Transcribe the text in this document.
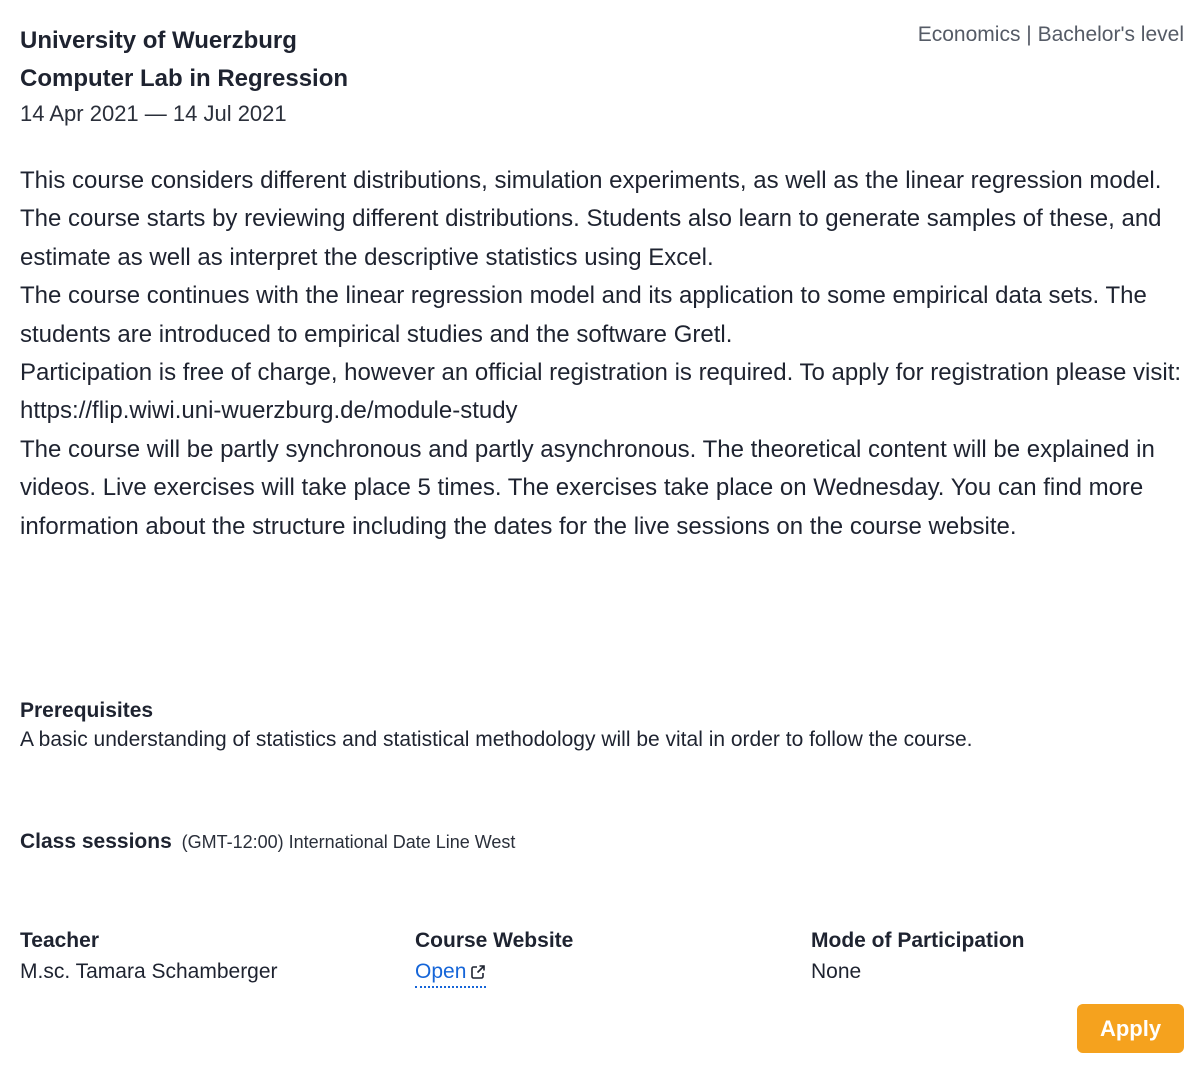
University of Wuerzburg
Computer Lab in Regression
14 Apr 2021 — 14 Jul 2021
Economics | Bachelor's level

This course considers different distributions, simulation experiments, as well as the linear regression model.

The course starts by reviewing different distributions. Students also learn to generate samples of these, and estimate as well as interpret the descriptive statistics using Excel.

The course continues with the linear regression model and its application to some empirical data sets. The students are introduced to empirical studies and the software Gretl.

Participation is free of charge, however an official registration is required. To apply for registration please visit:

https://flip.wiwi.uni-wuerzburg.de/module-study

The course will be partly synchronous and partly asynchronous. The theoretical content will be explained in videos. Live exercises will take place 5 times. The exercises take place on Wednesday. You can find more information about the structure including the dates for the live sessions on the course website.

Prerequisites
A basic understanding of statistics and statistical methodology will be vital in order to follow the course.
Class sessions (GMT-12:00) International Date Line West
Teacher
M.sc. Tamara Schamberger
Course Website
Open
Mode of Participation
None
Apply
